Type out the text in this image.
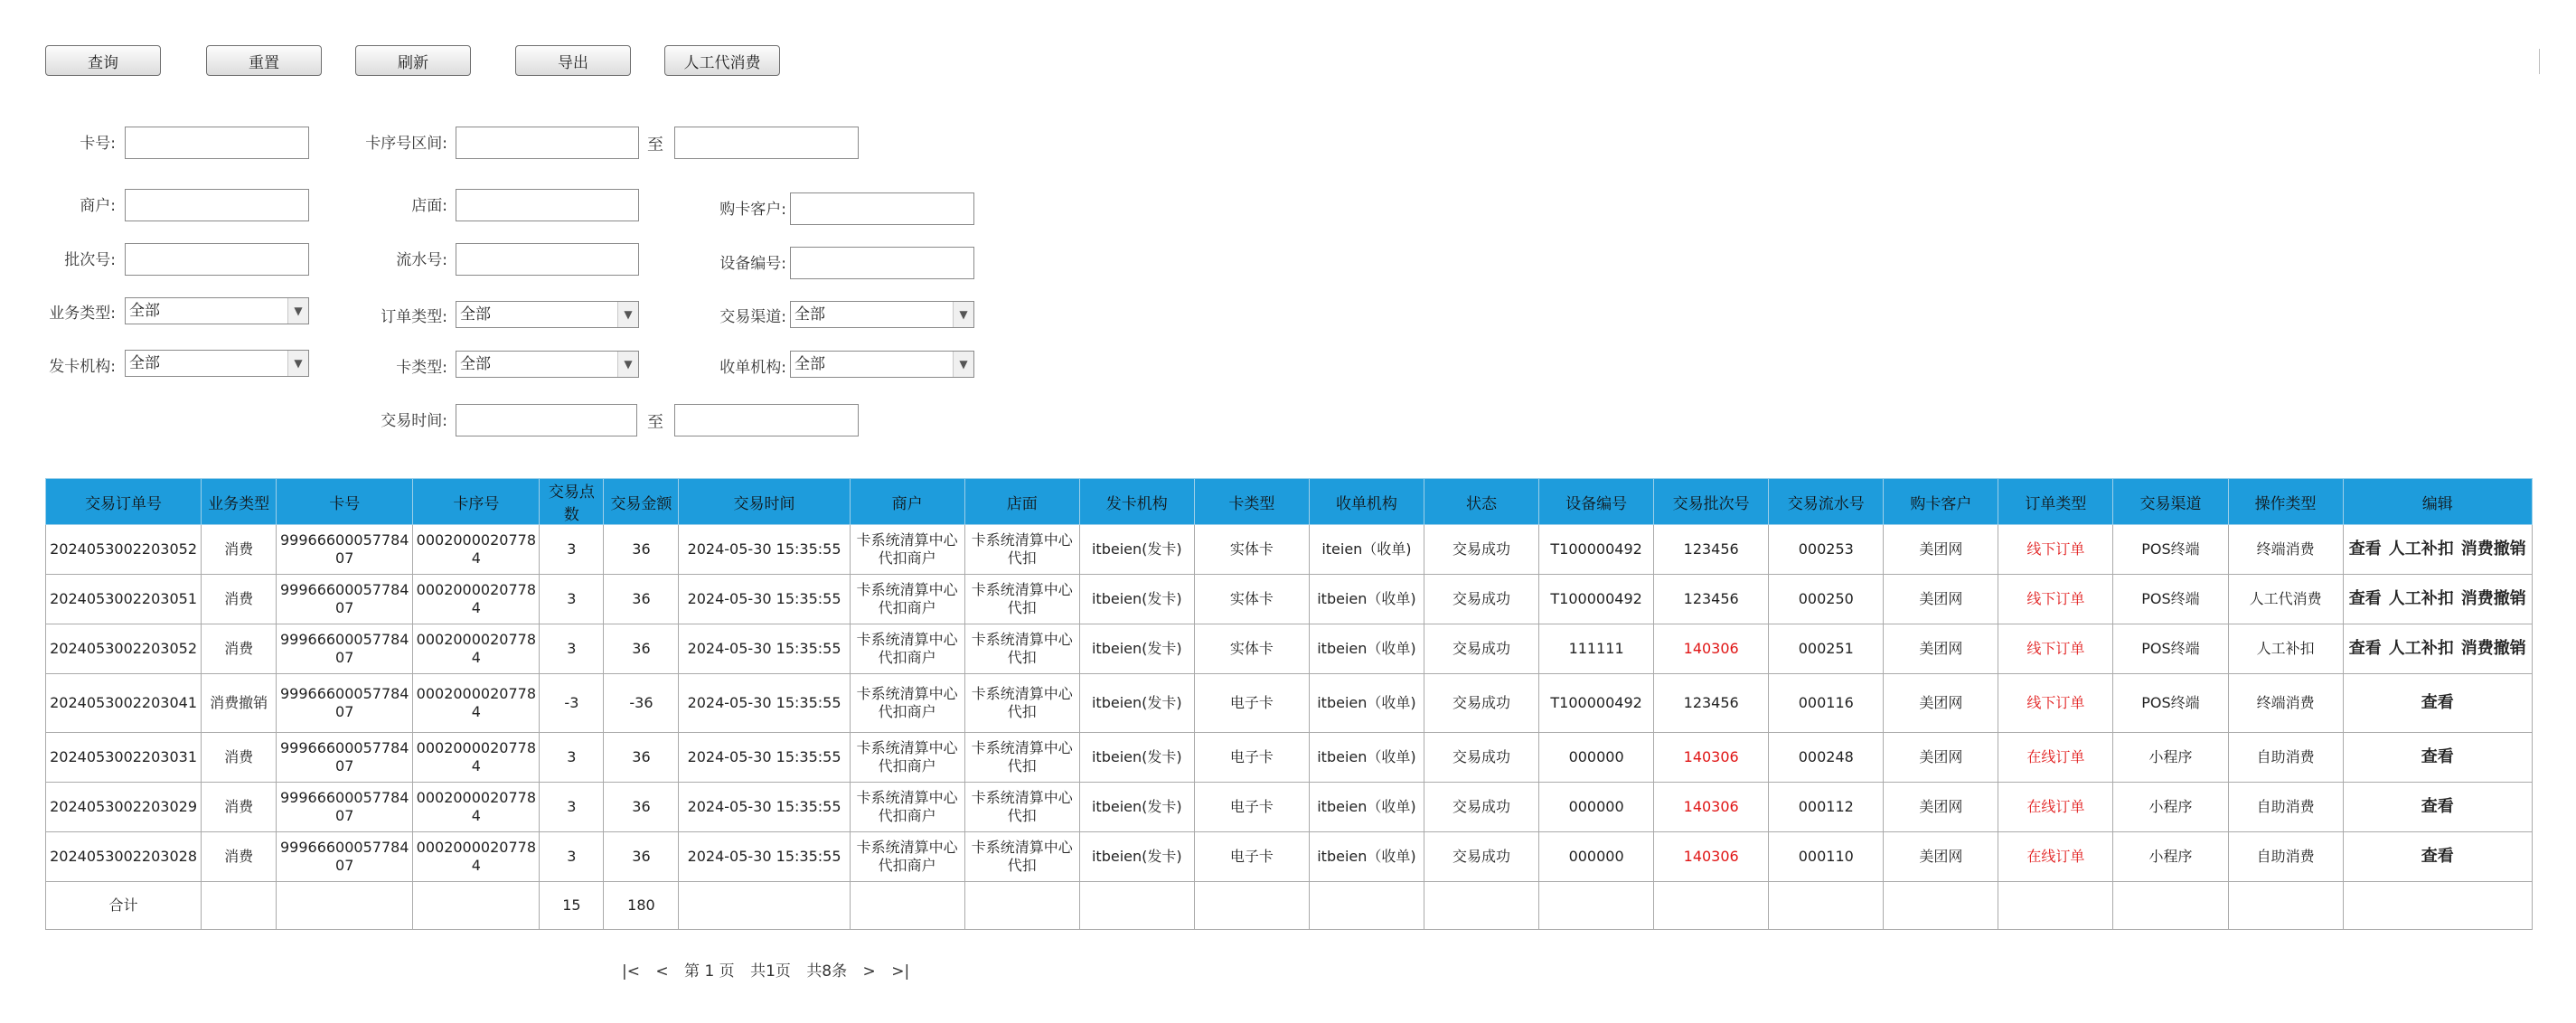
查询	重置	刷新	导出	人工代消费
卡号:	卡序号区间:	至
商户:	店面:	购卡客户:
批次号:	流水号:	设备编号:
业务类型: 全部	▼	订单类型: 全部	▼	交易渠道: 全部	▼
发卡机构: 全部	▼	卡类型: 全部	▼	收单机构: 全部	▼
交易时间:	至
交易订单号	业务类型	卡号	卡序号	交易点数	交易金额	交易时间	商户	店面	发卡机构	卡类型	收单机构	状态	设备编号	交易批次号	交易流水号	购卡客户	订单类型	交易渠道	操作类型	编辑
2024053002203052	消费	9996660005778407	00020000207784	3	36	2024-05-30 15:35:55	卡系统清算中心代扣商户	卡系统清算中心代扣	itbeien(发卡)	实体卡	iteien（收单)	交易成功	T100000492	123456	000253	美团网	线下订单	POS终端	终端消费	查看 人工补扣 消费撤销
2024053002203051	消费	9996660005778407	00020000207784	3	36	2024-05-30 15:35:55	卡系统清算中心代扣商户	卡系统清算中心代扣	itbeien(发卡)	实体卡	itbeien（收单)	交易成功	T100000492	123456	000250	美团网	线下订单	POS终端	人工代消费	查看 人工补扣 消费撤销
2024053002203052	消费	9996660005778407	00020000207784	3	36	2024-05-30 15:35:55	卡系统清算中心代扣商户	卡系统清算中心代扣	itbeien(发卡)	实体卡	itbeien（收单)	交易成功	111111	140306	000251	美团网	线下订单	POS终端	人工补扣	查看 人工补扣 消费撤销
2024053002203041	消费撤销	9996660005778407	00020000207784	-3	-36	2024-05-30 15:35:55	卡系统清算中心代扣商户	卡系统清算中心代扣	itbeien(发卡)	电子卡	itbeien（收单)	交易成功	T100000492	123456	000116	美团网	线下订单	POS终端	终端消费	查看
2024053002203031	消费	9996660005778407	00020000207784	3	36	2024-05-30 15:35:55	卡系统清算中心代扣商户	卡系统清算中心代扣	itbeien(发卡)	电子卡	itbeien（收单)	交易成功	000000	140306	000248	美团网	在线订单	小程序	自助消费	查看
2024053002203029	消费	9996660005778407	00020000207784	3	36	2024-05-30 15:35:55	卡系统清算中心代扣商户	卡系统清算中心代扣	itbeien(发卡)	电子卡	itbeien（收单)	交易成功	000000	140306	000112	美团网	在线订单	小程序	自助消费	查看
2024053002203028	消费	9996660005778407	00020000207784	3	36	2024-05-30 15:35:55	卡系统清算中心代扣商户	卡系统清算中心代扣	itbeien(发卡)	电子卡	itbeien（收单)	交易成功	000000	140306	000110	美团网	在线订单	小程序	自助消费	查看
合计				15	180															
|< < 第 1 页 共1页 共8条 > >|
